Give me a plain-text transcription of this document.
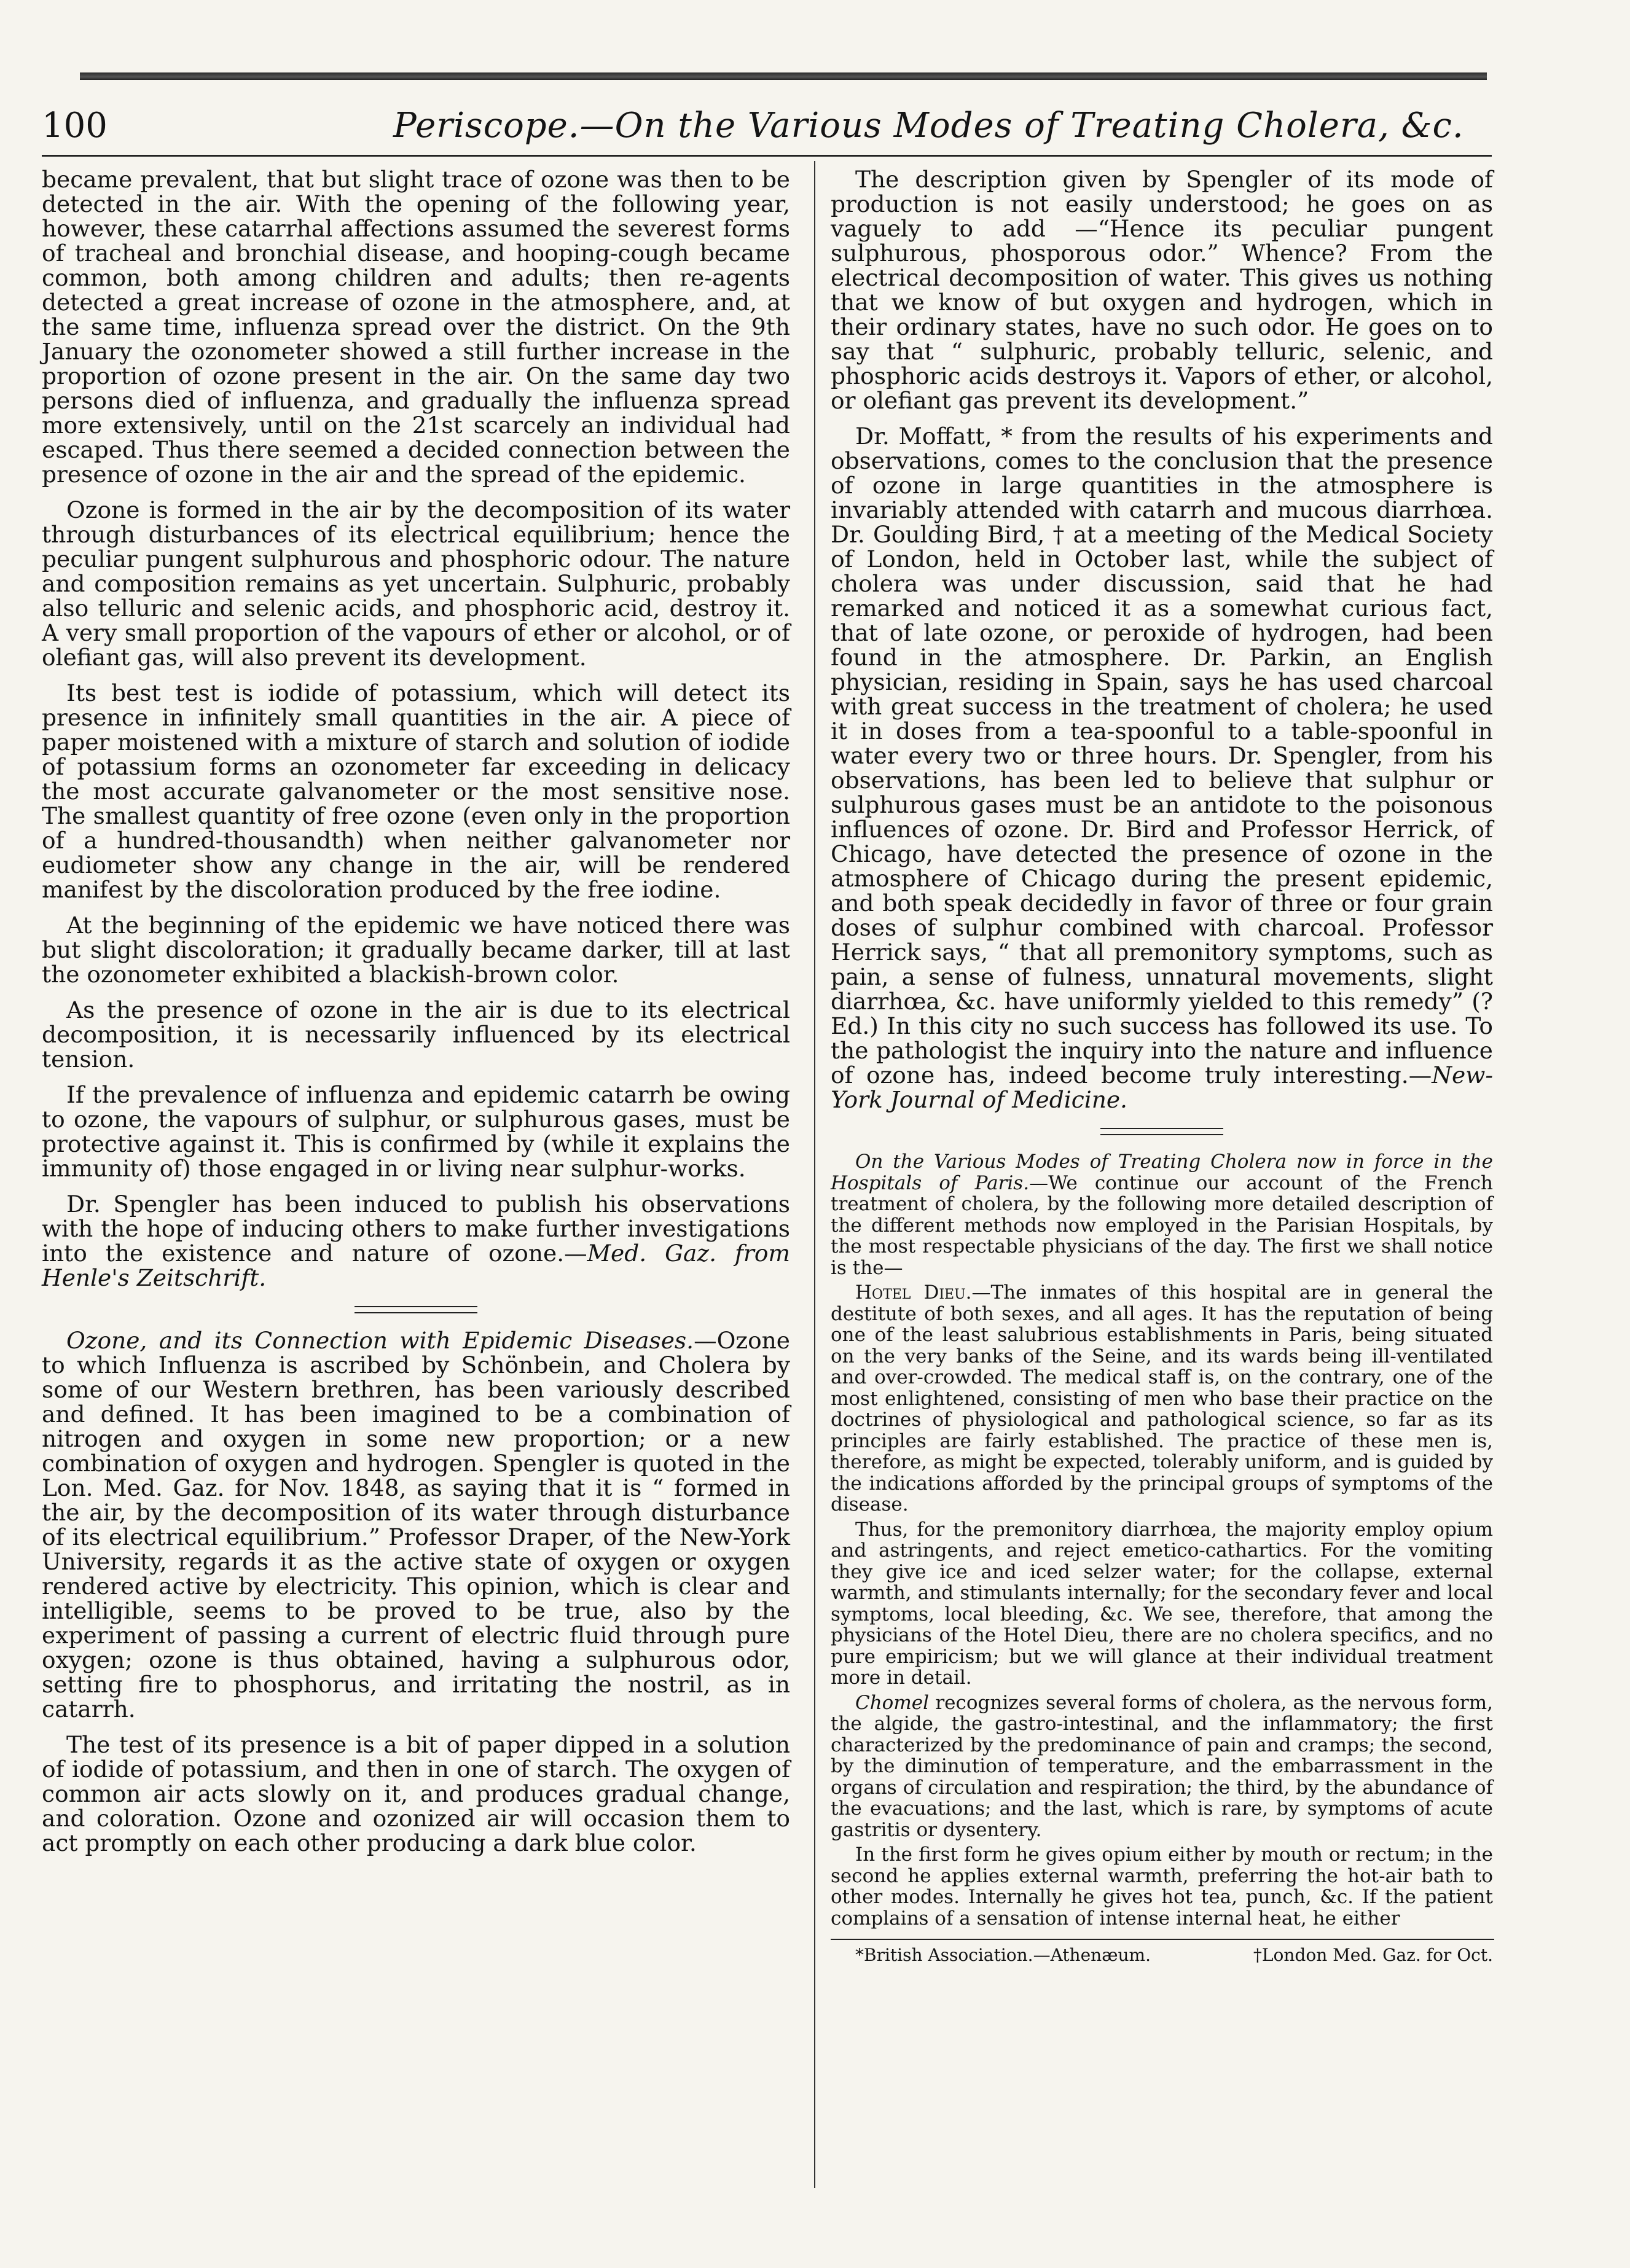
100	Periscope.—On the Various Modes of Treating Cholera, &c.

became prevalent, that but slight trace of ozone was then to be detected in the air. With the opening of the following year, however, these catarrhal affections assumed the severest forms of tracheal and bronchial disease, and hooping-cough became common, both among children and adults; then re-agents detected a great increase of ozone in the atmosphere, and, at the same time, influenza spread over the district. On the 9th January the ozonometer showed a still further increase in the proportion of ozone present in the air. On the same day two persons died of influenza, and gradually the influenza spread more extensively, until on the 21st scarcely an individual had escaped. Thus there seemed a decided connection between the presence of ozone in the air and the spread of the epidemic.

Ozone is formed in the air by the decomposition of its water through disturbances of its electrical equilibrium; hence the peculiar pungent sulphurous and phosphoric odour. The nature and composition remains as yet uncertain. Sulphuric, probably also telluric and selenic acids, and phosphoric acid, destroy it. A very small proportion of the vapours of ether or alcohol, or of olefiant gas, will also prevent its development.

Its best test is iodide of potassium, which will detect its presence in infinitely small quantities in the air. A piece of paper moistened with a mixture of starch and solution of iodide of potassium forms an ozonometer far exceeding in delicacy the most accurate galvanometer or the most sensitive nose. The smallest quantity of free ozone (even only in the proportion of a hundred-thousandth) when neither galvanometer nor eudiometer show any change in the air, will be rendered manifest by the discoloration produced by the free iodine.

At the beginning of the epidemic we have noticed there was but slight discoloration; it gradually became darker, till at last the ozonometer exhibited a blackish-brown color.

As the presence of ozone in the air is due to its electrical decomposition, it is necessarily influenced by its electrical tension.

If the prevalence of influenza and epidemic catarrh be owing to ozone, the vapours of sulphur, or sulphurous gases, must be protective against it. This is confirmed by (while it explains the immunity of) those engaged in or living near sulphur-works.

Dr. Spengler has been induced to publish his observations with the hope of inducing others to make further investigations into the existence and nature of ozone.—Med. Gaz. from Henle's Zeitschrift.

Ozone, and its Connection with Epidemic Diseases.—Ozone to which Influenza is ascribed by Schönbein, and Cholera by some of our Western brethren, has been variously described and defined. It has been imagined to be a combination of nitrogen and oxygen in some new proportion; or a new combination of oxygen and hydrogen. Spengler is quoted in the Lon. Med. Gaz. for Nov. 1848, as saying that it is “ formed in the air, by the decomposition of its water through disturbance of its electrical equilibrium.” Professor Draper, of the New-York University, regards it as the active state of oxygen or oxygen rendered active by electricity. This opinion, which is clear and intelligible, seems to be proved to be true, also by the experiment of passing a current of electric fluid through pure oxygen; ozone is thus obtained, having a sulphurous odor, setting fire to phosphorus, and irritating the nostril, as in catarrh.

The test of its presence is a bit of paper dipped in a solution of iodide of potassium, and then in one of starch. The oxygen of common air acts slowly on it, and produces gradual change, and coloration. Ozone and ozonized air will occasion them to act promptly on each other producing a dark blue color.

The description given by Spengler of its mode of production is not easily understood; he goes on as vaguely to add —“Hence its peculiar pungent sulphurous, phosporous odor.” Whence? From the electrical decomposition of water. This gives us nothing that we know of but oxygen and hydrogen, which in their ordinary states, have no such odor. He goes on to say that “ sulphuric, probably telluric, selenic, and phosphoric acids destroys it. Vapors of ether, or alcohol, or olefiant gas prevent its development.”

Dr. Moffatt, * from the results of his experiments and observations, comes to the conclusion that the presence of ozone in large quantities in the atmosphere is invariably attended with catarrh and mucous diarrhœa. Dr. Goulding Bird, † at a meeting of the Medical Society of London, held in October last, while the subject of cholera was under discussion, said that he had remarked and noticed it as a somewhat curious fact, that of late ozone, or peroxide of hydrogen, had been found in the atmosphere. Dr. Parkin, an English physician, residing in Spain, says he has used charcoal with great success in the treatment of cholera; he used it in doses from a tea-spoonful to a table-spoonful in water every two or three hours. Dr. Spengler, from his observations, has been led to believe that sulphur or sulphurous gases must be an antidote to the poisonous influences of ozone. Dr. Bird and Professor Herrick, of Chicago, have detected the presence of ozone in the atmosphere of Chicago during the present epidemic, and both speak decidedly in favor of three or four grain doses of sulphur combined with charcoal. Professor Herrick says, “ that all premonitory symptoms, such as pain, a sense of fulness, unnatural movements, slight diarrhœa, &c. have uniformly yielded to this remedy” (? Ed.) In this city no such success has followed its use. To the pathologist the inquiry into the nature and influence of ozone has, indeed become truly interesting.—New-York Journal of Medicine.

On the Various Modes of Treating Cholera now in force in the Hospitals of Paris.—We continue our account of the French treatment of cholera, by the following more detailed description of the different methods now employed in the Parisian Hospitals, by the most respectable physicians of the day. The first we shall notice is the—

Hotel Dieu.—The inmates of this hospital are in general the destitute of both sexes, and all ages. It has the reputation of being one of the least salubrious establishments in Paris, being situated on the very banks of the Seine, and its wards being ill-ventilated and over-crowded. The medical staff is, on the contrary, one of the most enlightened, consisting of men who base their practice on the doctrines of physiological and pathological science, so far as its principles are fairly established. The practice of these men is, therefore, as might be expected, tolerably uniform, and is guided by the indications afforded by the principal groups of symptoms of the disease.

Thus, for the premonitory diarrhœa, the majority employ opium and astringents, and reject emetico-cathartics. For the vomiting they give ice and iced selzer water; for the collapse, external warmth, and stimulants internally; for the secondary fever and local symptoms, local bleeding, &c. We see, therefore, that among the physicians of the Hotel Dieu, there are no cholera specifics, and no pure empiricism; but we will glance at their individual treatment more in detail.

Chomel recognizes several forms of cholera, as the nervous form, the algide, the gastro-intestinal, and the inflammatory; the first characterized by the predominance of pain and cramps; the second, by the diminution of temperature, and the embarrassment in the organs of circulation and respiration; the third, by the abundance of the evacuations; and the last, which is rare, by symptoms of acute gastritis or dysentery.

In the first form he gives opium either by mouth or rectum; in the second he applies external warmth, preferring the hot-air bath to other modes. Internally he gives hot tea, punch, &c. If the patient complains of a sensation of intense internal heat, he either

*British Association.—Athenæum.	†London Med. Gaz. for Oct.
